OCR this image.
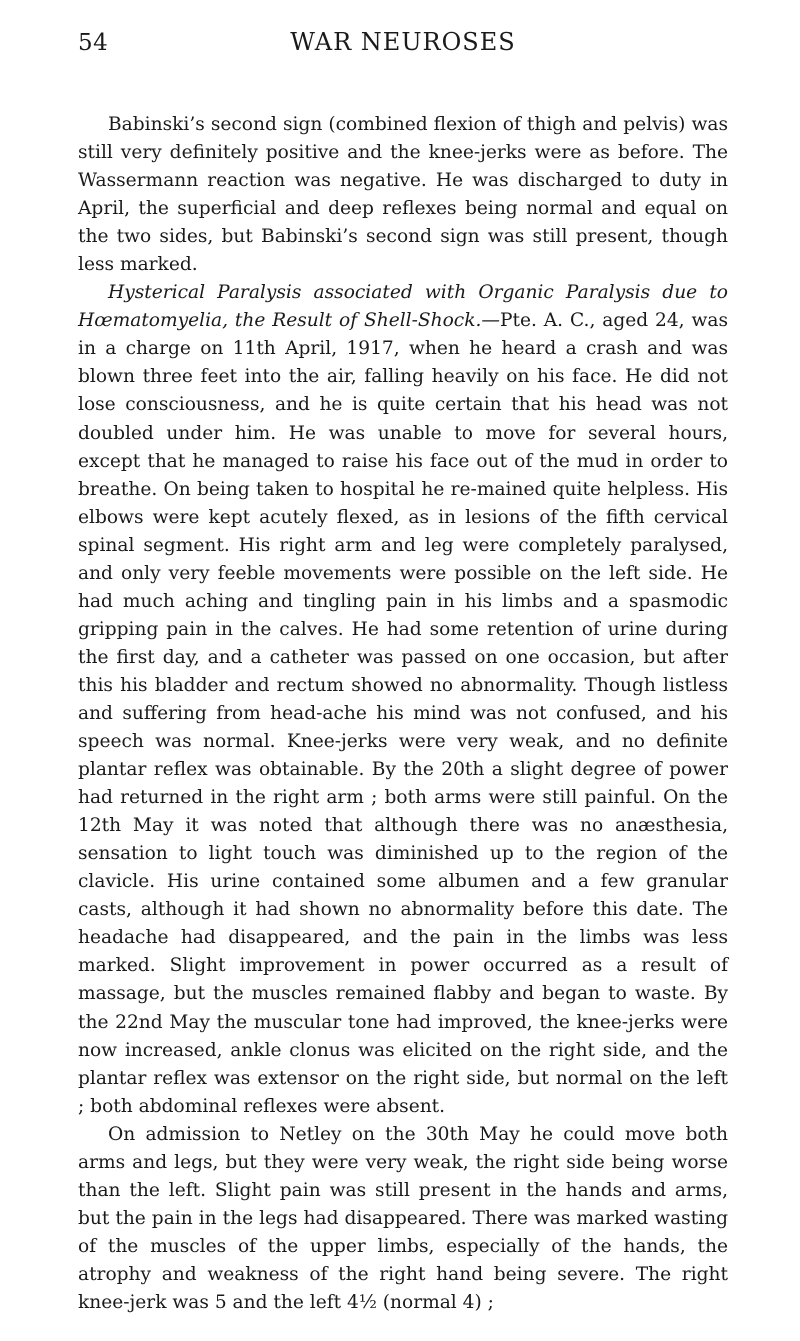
54	WAR NEUROSES

Babinski’s second sign (combined flexion of thigh and pelvis) was still very definitely positive and the knee-jerks were as before. The Wassermann reaction was negative. He was discharged to duty in April, the superficial and deep reflexes being normal and equal on the two sides, but Babinski’s second sign was still present, though less marked.

Hysterical Paralysis associated with Organic Paralysis due to Hœmatomyelia, the Result of Shell-Shock.—Pte. A. C., aged 24, was in a charge on 11th April, 1917, when he heard a crash and was blown three feet into the air, falling heavily on his face. He did not lose consciousness, and he is quite certain that his head was not doubled under him. He was unable to move for several hours, except that he managed to raise his face out of the mud in order to breathe. On being taken to hospital he re-mained quite helpless. His elbows were kept acutely flexed, as in lesions of the fifth cervical spinal segment. His right arm and leg were completely paralysed, and only very feeble movements were possible on the left side. He had much aching and tingling pain in his limbs and a spasmodic gripping pain in the calves. He had some retention of urine during the first day, and a catheter was passed on one occasion, but after this his bladder and rectum showed no abnormality. Though listless and suffering from head-ache his mind was not confused, and his speech was normal. Knee-jerks were very weak, and no definite plantar reflex was obtainable. By the 20th a slight degree of power had returned in the right arm ; both arms were still painful. On the 12th May it was noted that although there was no anæsthesia, sensation to light touch was diminished up to the region of the clavicle. His urine contained some albumen and a few granular casts, although it had shown no abnormality before this date. The headache had disappeared, and the pain in the limbs was less marked. Slight improvement in power occurred as a result of massage, but the muscles remained flabby and began to waste. By the 22nd May the muscular tone had improved, the knee-jerks were now increased, ankle clonus was elicited on the right side, and the plantar reflex was extensor on the right side, but normal on the left ; both abdominal reflexes were absent.

On admission to Netley on the 30th May he could move both arms and legs, but they were very weak, the right side being worse than the left. Slight pain was still present in the hands and arms, but the pain in the legs had disappeared. There was marked wasting of the muscles of the upper limbs, especially of the hands, the atrophy and weakness of the right hand being severe. The right knee-jerk was 5 and the left 4½ (normal 4) ;
